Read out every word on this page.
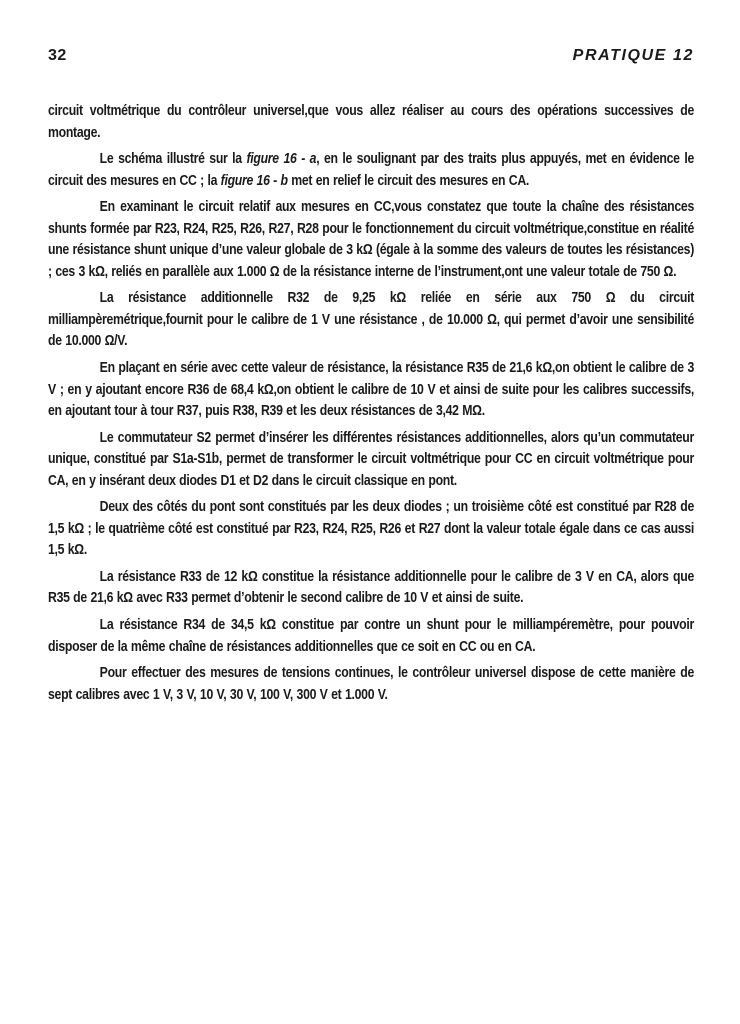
32	PRATIQUE 12

circuit voltmétrique du contrôleur universel,que vous allez réaliser au cours des opérations successives de montage.

Le schéma illustré sur la figure 16 - a, en le soulignant par des traits plus appuyés, met en évidence le circuit des mesures en CC ; la figure 16 - b met en relief le circuit des mesures en CA.

En examinant le circuit relatif aux mesures en CC,vous constatez que toute la chaîne des résistances shunts formée par R23, R24, R25, R26, R27, R28 pour le fonctionnement du circuit voltmétrique,constitue en réalité une résistance shunt unique d’une valeur globale de 3 kΩ (égale à la somme des valeurs de toutes les résistances) ; ces 3 kΩ, reliés en parallèle aux 1.000 Ω de la résistance interne de l’instrument,ont une valeur totale de 750 Ω.

La résistance additionnelle R32 de 9,25 kΩ reliée en série aux 750 Ω du circuit milliampèremétrique,fournit pour le calibre de 1 V une résistance , de 10.000 Ω, qui permet d’avoir une sensibilité de 10.000 Ω/V.

En plaçant en série avec cette valeur de résistance, la résistance R35 de 21,6 kΩ,on obtient le calibre de 3 V ; en y ajoutant encore R36 de 68,4 kΩ,on obtient le calibre de 10 V et ainsi de suite pour les calibres successifs, en ajoutant tour à tour R37, puis R38, R39 et les deux résistances de 3,42 MΩ.

Le commutateur S2 permet d’insérer les différentes résistances additionnelles, alors qu’un commutateur unique, constitué par S1a-S1b, permet de transformer le circuit voltmétrique pour CC en circuit voltmétrique pour CA, en y insérant deux diodes D1 et D2 dans le circuit classique en pont.

Deux des côtés du pont sont constitués par les deux diodes ; un troisième côté est constitué par R28 de 1,5 kΩ ; le quatrième côté est constitué par R23, R24, R25, R26 et R27 dont la valeur totale égale dans ce cas aussi 1,5 kΩ.

La résistance R33 de 12 kΩ constitue la résistance additionnelle pour le calibre de 3 V en CA, alors que R35 de 21,6 kΩ avec R33 permet d’obtenir le second calibre de 10 V et ainsi de suite.

La résistance R34 de 34,5 kΩ constitue par contre un shunt pour le milliampéremètre, pour pouvoir disposer de la même chaîne de résistances additionnelles que ce soit en CC ou en CA.

Pour effectuer des mesures de tensions continues, le contrôleur universel dispose de cette manière de sept calibres avec 1 V, 3 V, 10 V, 30 V, 100 V, 300 V et 1.000 V.
